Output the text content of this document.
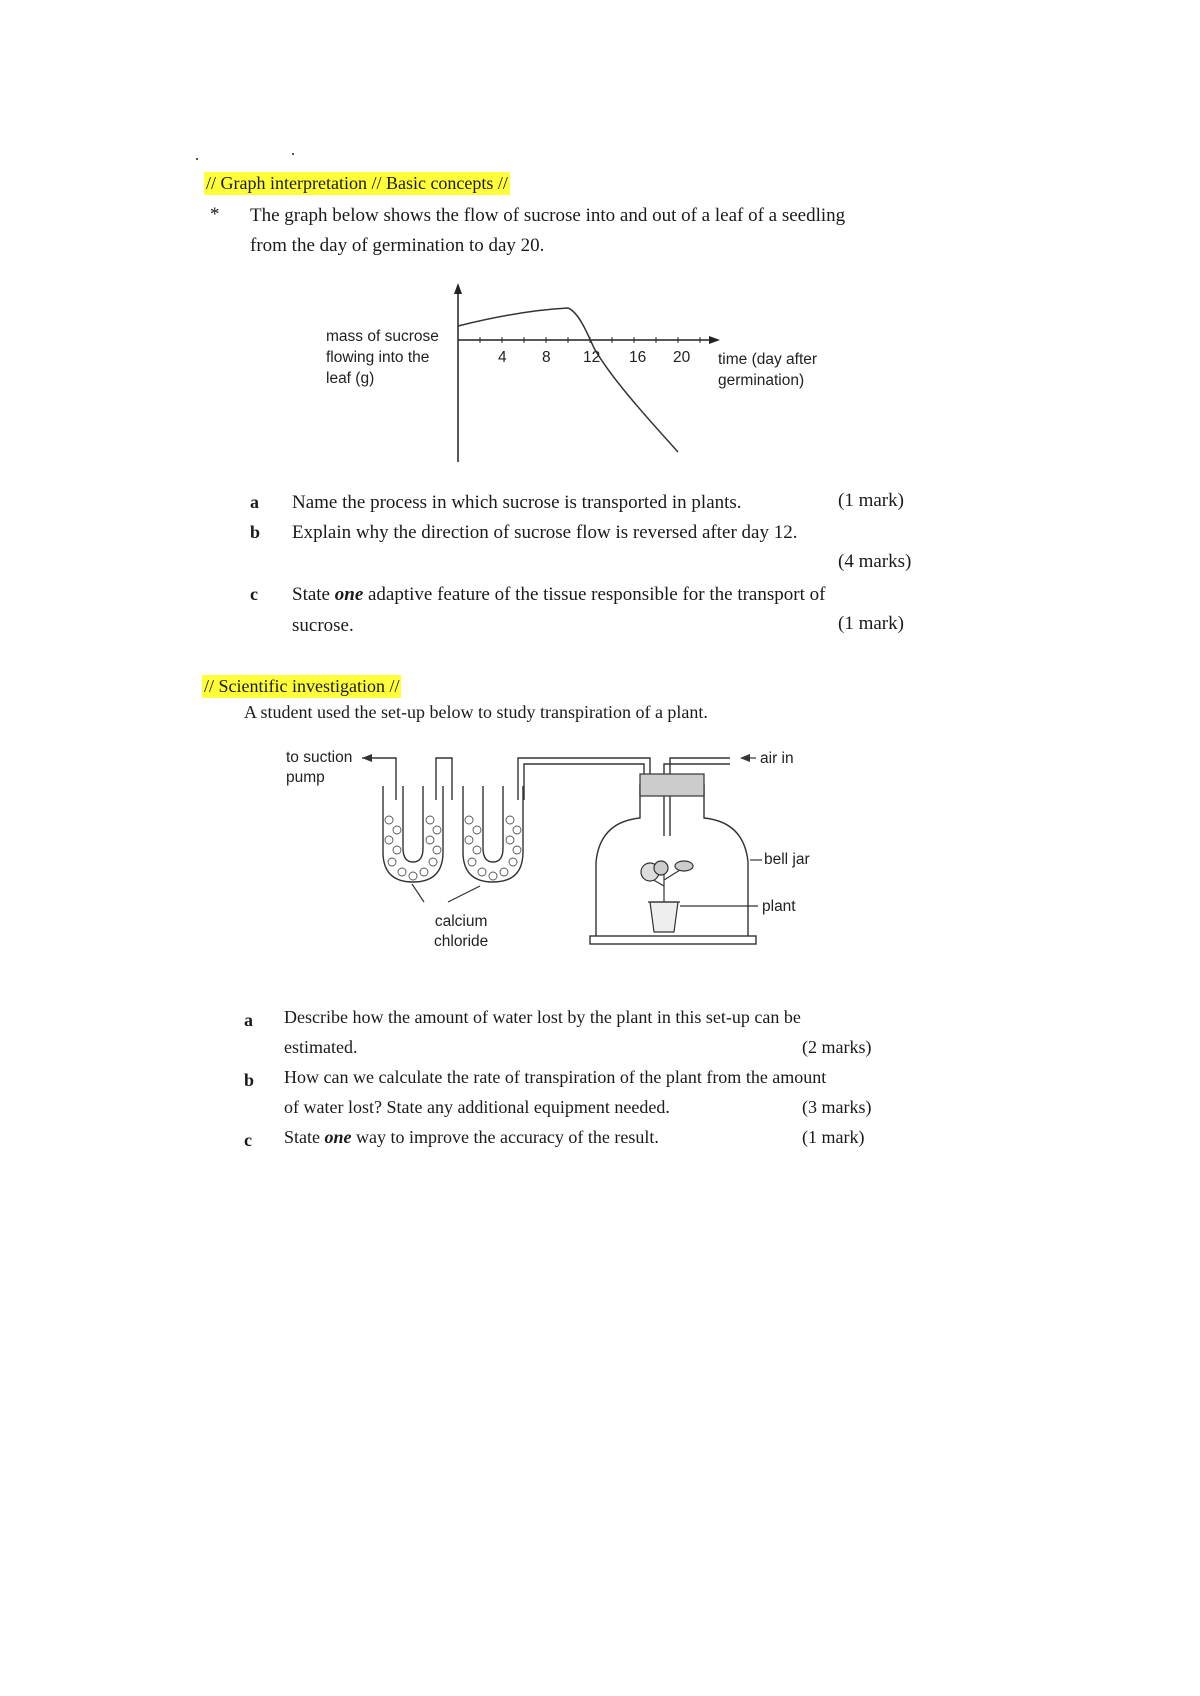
// Graph interpretation // Basic concepts //
* The graph below shows the flow of sucrose into and out of a leaf of a seedling
from the day of germination to day 20.
mass of sucrose
flowing into the
leaf (g)
4 8 12 16 20 time (day after
germination)
a Name the process in which sucrose is transported in plants.	(1 mark)
b Explain why the direction of sucrose flow is reversed after day 12.
(4 marks)
c State one adaptive feature of the tissue responsible for the transport of
sucrose.	(1 mark)
// Scientific investigation //
A student used the set-up below to study transpiration of a plant.
to suction
pump
air in
bell jar
plant
calcium
chloride
a Describe how the amount of water lost by the plant in this set-up can be
estimated.	(2 marks)
b How can we calculate the rate of transpiration of the plant from the amount
of water lost? State any additional equipment needed.	(3 marks)
c State one way to improve the accuracy of the result.	(1 mark)
